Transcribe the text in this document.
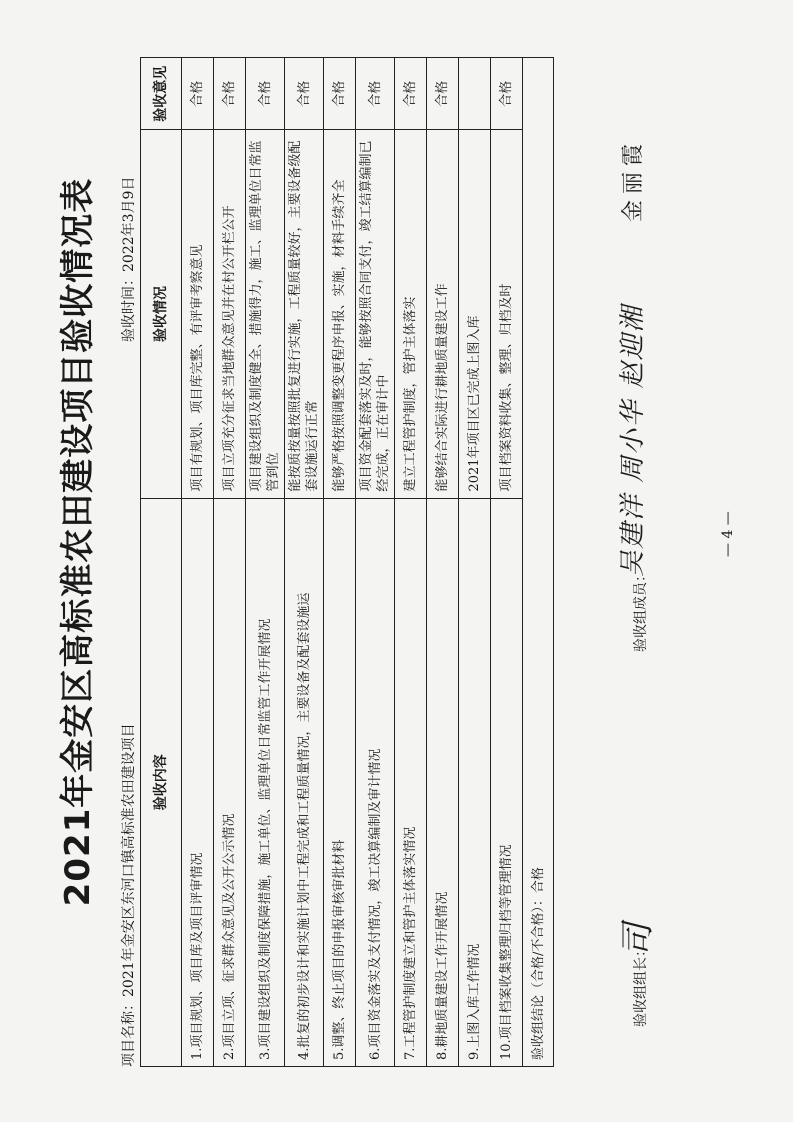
2021年金安区高标准农田建设项目验收情况表 项目名称：2021年金安区东河口镇高标准农田建设项目
验收时间：2022年3月9日
验收内容	验收情况	验收意见
1.项目规划、项目库及项目评审情况	项目有规划、项目库完整、有评审考察意见	合格
2.项目立项、征求群众意见及公开公示情况	项目立项充分征求当地群众意见并在村公开栏公开	合格
3.项目建设组织及制度保障措施，施工单位、监理单位日常监管工作开展情况	项目建设组织及制度健全、措施得力，施工、监理单位日常监管到位	合格
4.批复的初步设计和实施计划中工程完成和工程质量情况，主要设备及配套设施运	能按质按量按照批复进行实施，工程质量较好，主要设备级配套设施运行正常	合格
5.调整、终止项目的申报审核审批材料	能够严格按照调整变更程序申报、实施，材料手续齐全	合格
6.项目资金落实及支付情况，竣工决算编制及审计情况	项目资金配套落实及时，能够按照合同支付，竣工结算编制已经完成，正在审计中	合格
7.工程管护制度建立和管护主体落实情况	建立工程管护制度，管护主体落实	合格
8.耕地质量建设工作开展情况	能够结合实际进行耕地质量建设工作	合格
9.上图入库工作情况	2021年项目区已完成上图入库	
10.项目档案收集整理归档等管理情况	项目档案资料收集、整理、归档及时	合格
验收组结论（合格/不合格）：合格			验收组组长：
验收组成员：
司
吴建洋 周小华 赵迎湘
金丽霞
— 4 —
